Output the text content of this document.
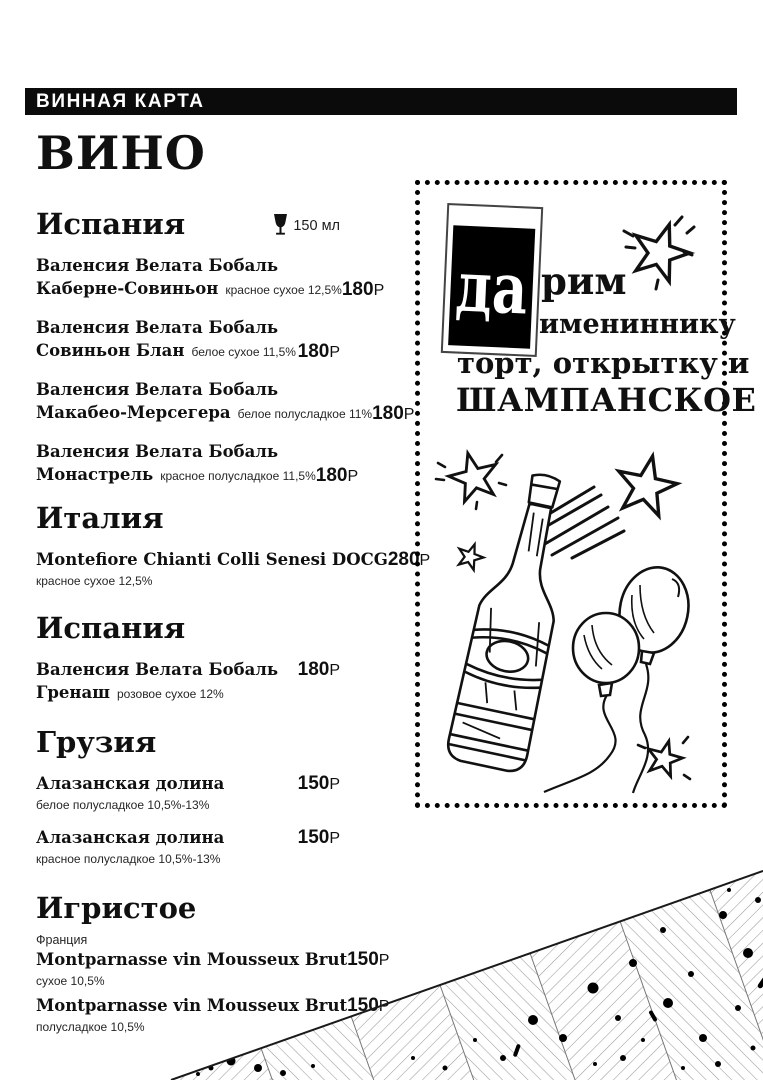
ВИННАЯ КАРТА
ВИНО
Испания	150 мл
Валенсия Велата Бобаль
Каберне-Совиньон красное сухое 12,5% 180Р
Валенсия Велата Бобаль
Совиньон Блан белое сухое 11,5% 180Р
Валенсия Велата Бобаль
Макабео-Мерсегера белое полусладкое 11% 180Р
Валенсия Велата Бобаль
Монастрель красное полусладкое 11,5% 180Р
Италия
Montefiore Chianti Colli Senesi DOCG
красное сухое 12,5%
280Р
Испания
Валенсия Велата Бобаль
Гренаш розовое сухое 12%
180Р
Грузия
Алазанская долина
белое полусладкое 10,5%-13%
150Р
Алазанская долина
красное полусладкое 10,5%-13%
150Р
Игристое
Франция
Montparnasse vin Mousseux Brut
сухое 10,5%
150Р
Montparnasse vin Mousseux Brut
полусладкое 10,5%
150
да рим
имениннику
торт, открытку и
ШАМПАНСКОЕ
